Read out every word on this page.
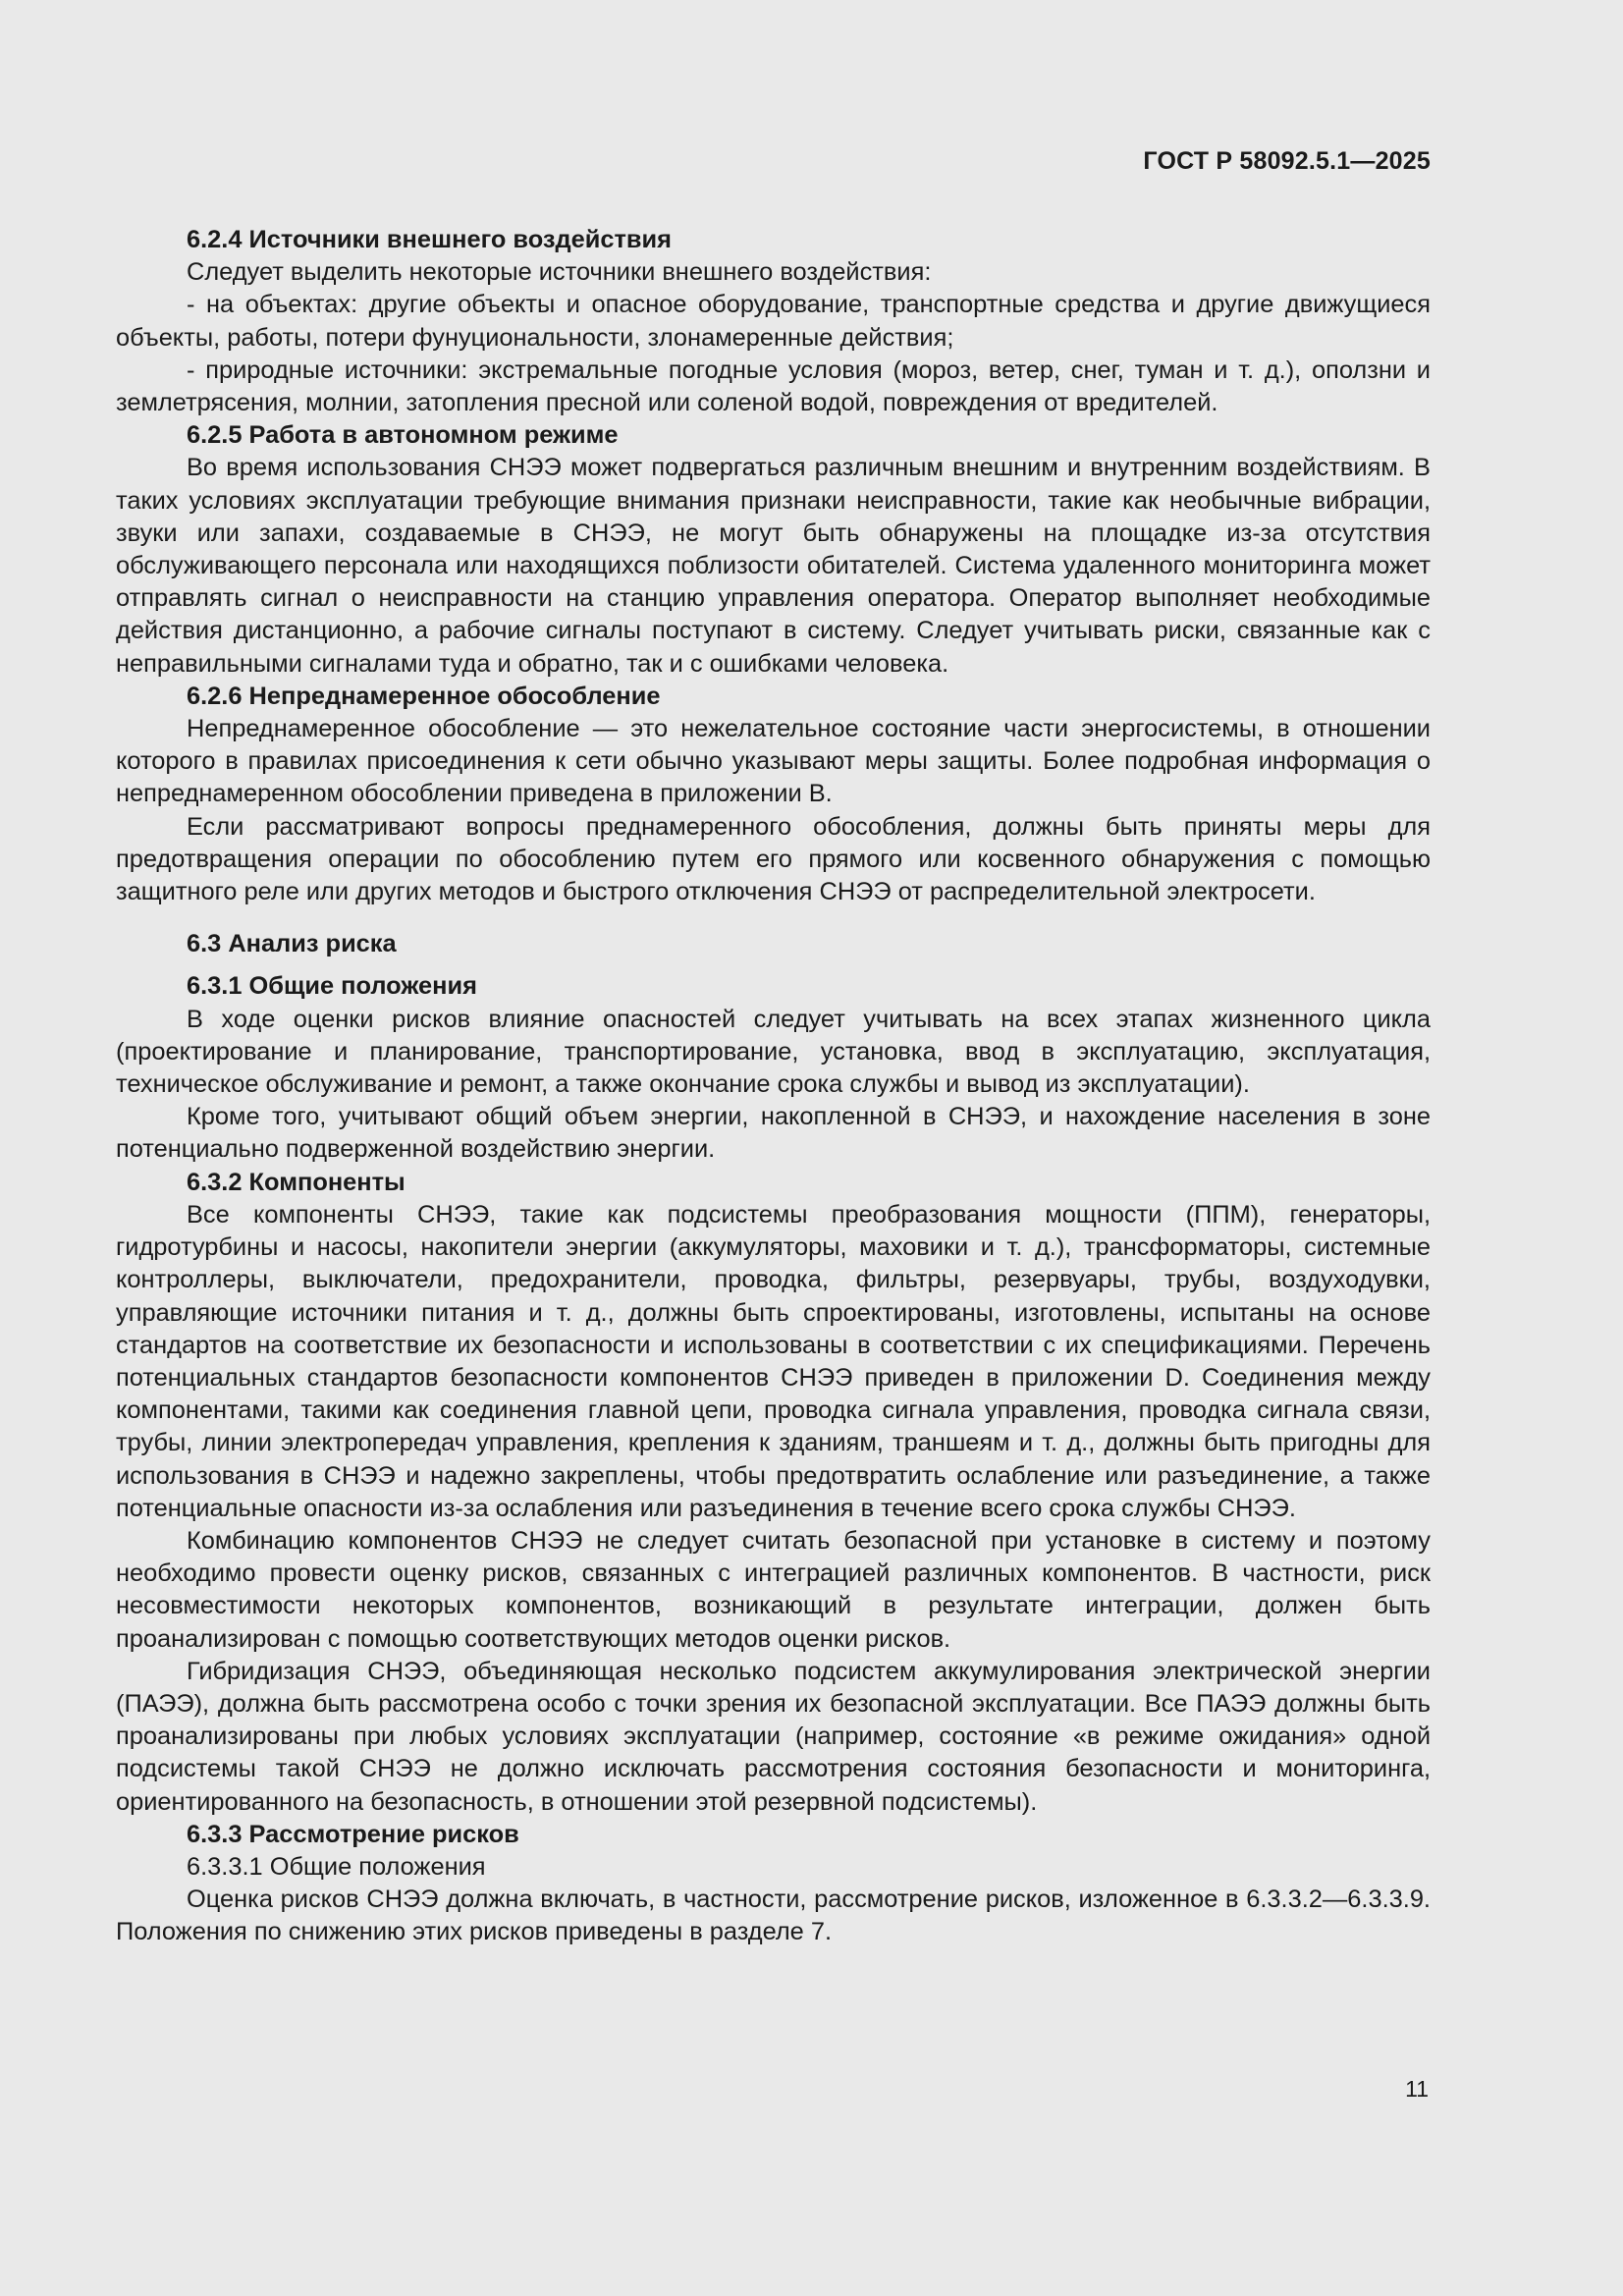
ГОСТ Р 58092.5.1—2025

6.2.4 Источники внешнего воздействия

Следует выделить некоторые источники внешнего воздействия:

- на объектах: другие объекты и опасное оборудование, транспортные средства и другие движущиеся объекты, работы, потери фунуциональности, злонамеренные действия;

- природные источники: экстремальные погодные условия (мороз, ветер, снег, туман и т. д.), оползни и землетрясения, молнии, затопления пресной или соленой водой, повреждения от вредителей.

6.2.5 Работа в автономном режиме

Во время использования СНЭЭ может подвергаться различным внешним и внутренним воздействиям. В таких условиях эксплуатации требующие внимания признаки неисправности, такие как необычные вибрации, звуки или запахи, создаваемые в СНЭЭ, не могут быть обнаружены на площадке из-за отсутствия обслуживающего персонала или находящихся поблизости обитателей. Система удаленного мониторинга может отправлять сигнал о неисправности на станцию управления оператора. Оператор выполняет необходимые действия дистанционно, а рабочие сигналы поступают в систему. Следует учитывать риски, связанные как с неправильными сигналами туда и обратно, так и с ошибками человека.

6.2.6 Непреднамеренное обособление

Непреднамеренное обособление — это нежелательное состояние части энергосистемы, в отношении которого в правилах присоединения к сети обычно указывают меры защиты. Более подробная информация о непреднамеренном обособлении приведена в приложении В.

Если рассматривают вопросы преднамеренного обособления, должны быть приняты меры для предотвращения операции по обособлению путем его прямого или косвенного обнаружения с помощью защитного реле или других методов и быстрого отключения СНЭЭ от распределительной электросети.

6.3 Анализ риска

6.3.1 Общие положения

В ходе оценки рисков влияние опасностей следует учитывать на всех этапах жизненного цикла (проектирование и планирование, транспортирование, установка, ввод в эксплуатацию, эксплуатация, техническое обслуживание и ремонт, а также окончание срока службы и вывод из эксплуатации).

Кроме того, учитывают общий объем энергии, накопленной в СНЭЭ, и нахождение населения в зоне потенциально подверженной воздействию энергии.

6.3.2 Компоненты

Все компоненты СНЭЭ, такие как подсистемы преобразования мощности (ППМ), генераторы, гидротурбины и насосы, накопители энергии (аккумуляторы, маховики и т. д.), трансформаторы, системные контроллеры, выключатели, предохранители, проводка, фильтры, резервуары, трубы, воздуходувки, управляющие источники питания и т. д., должны быть спроектированы, изготовлены, испытаны на основе стандартов на соответствие их безопасности и использованы в соответствии с их спецификациями. Перечень потенциальных стандартов безопасности компонентов СНЭЭ приведен в приложении D. Соединения между компонентами, такими как соединения главной цепи, проводка сигнала управления, проводка сигнала связи, трубы, линии электропередач управления, крепления к зданиям, траншеям и т. д., должны быть пригодны для использования в СНЭЭ и надежно закреплены, чтобы предотвратить ослабление или разъединение, а также потенциальные опасности из-за ослабления или разъединения в течение всего срока службы СНЭЭ.

Комбинацию компонентов СНЭЭ не следует считать безопасной при установке в систему и поэтому необходимо провести оценку рисков, связанных с интеграцией различных компонентов. В частности, риск несовместимости некоторых компонентов, возникающий в результате интеграции, должен быть проанализирован с помощью соответствующих методов оценки рисков.

Гибридизация СНЭЭ, объединяющая несколько подсистем аккумулирования электрической энергии (ПАЭЭ), должна быть рассмотрена особо с точки зрения их безопасной эксплуатации. Все ПАЭЭ должны быть проанализированы при любых условиях эксплуатации (например, состояние «в режиме ожидания» одной подсистемы такой СНЭЭ не должно исключать рассмотрения состояния безопасности и мониторинга, ориентированного на безопасность, в отношении этой резервной подсистемы).

6.3.3 Рассмотрение рисков

6.3.3.1 Общие положения

Оценка рисков СНЭЭ должна включать, в частности, рассмотрение рисков, изложенное в 6.3.3.2—6.3.3.9. Положения по снижению этих рисков приведены в разделе 7.

11
